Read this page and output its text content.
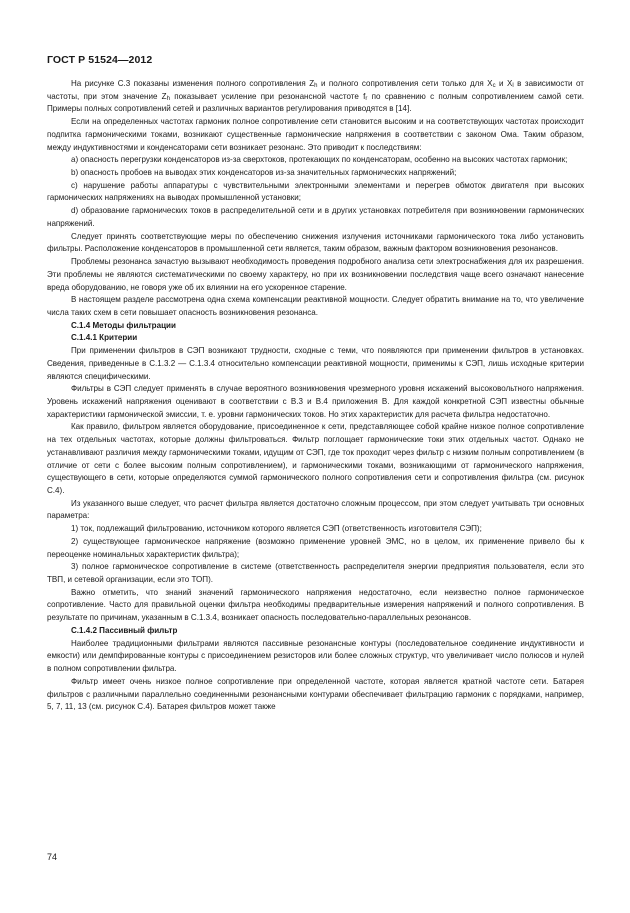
ГОСТ Р 51524—2012

На рисунке С.3 показаны изменения полного сопротивления $Z_h$ и полного сопротивления сети только для $X_c$ и $X_l$ в зависимости от частоты, при этом значение $Z_h$ показывает усиление при резонансной частоте $f_r$ по сравнению с полным сопротивлением самой сети. Примеры полных сопротивлений сетей и различных вариантов регулирования приводятся в [14].

Если на определенных частотах гармоник полное сопротивление сети становится высоким и на соответствующих частотах происходит подпитка гармоническими токами, возникают существенные гармонические напряжения в соответствии с законом Ома. Таким образом, между индуктивностями и конденсаторами сети возникает резонанс. Это приводит к последствиям:

а) опасность перегрузки конденсаторов из-за сверхтоков, протекающих по конденсаторам, особенно на высоких частотах гармоник;

b) опасность пробоев на выводах этих конденсаторов из-за значительных гармонических напряжений;

с) нарушение работы аппаратуры с чувствительными электронными элементами и перегрев обмоток двигателя при высоких гармонических напряжениях на выводах промышленной установки;

d) образование гармонических токов в распределительной сети и в других установках потребителя при возникновении гармонических напряжений.

Следует принять соответствующие меры по обеспечению снижения излучения источниками гармонического тока либо установить фильтры. Расположение конденсаторов в промышленной сети является, таким образом, важным фактором возникновения резонансов.

Проблемы резонанса зачастую вызывают необходимость проведения подробного анализа сети электроснабжения для их разрешения. Эти проблемы не являются систематическими по своему характеру, но при их возникновении последствия чаще всего означают нанесение вреда оборудованию, не говоря уже об их влиянии на его ускоренное старение.

В настоящем разделе рассмотрена одна схема компенсации реактивной мощности. Следует обратить внимание на то, что увеличение числа таких схем в сети повышает опасность возникновения резонанса.

С.1.4 Методы фильтрации

С.1.4.1 Критерии

При применении фильтров в СЭП возникают трудности, сходные с теми, что появляются при применении фильтров в установках. Сведения, приведенные в С.1.3.2 — С.1.3.4 относительно компенсации реактивной мощности, применимы к СЭП, лишь исходные критерии являются специфическими.

Фильтры в СЭП следует применять в случае вероятного возникновения чрезмерного уровня искажений высоковольтного напряжения. Уровень искажений напряжения оценивают в соответствии с В.3 и В.4 приложения В. Для каждой конкретной СЭП известны обычные характеристики гармонической эмиссии, т. е. уровни гармонических токов. Но этих характеристик для расчета фильтра недостаточно.

Как правило, фильтром является оборудование, присоединенное к сети, представляющее собой крайне низкое полное сопротивление на тех отдельных частотах, которые должны фильтроваться. Фильтр поглощает гармонические токи этих отдельных частот. Однако не устанавливают различия между гармоническими токами, идущим от СЭП, где ток проходит через фильтр с низким полным сопротивлением (в отличие от сети с более высоким полным сопротивлением), и гармоническими токами, возникающими от гармонического напряжения, существующего в сети, которые определяются суммой гармонического полного сопротивления сети и сопротивления фильтра (см. рисунок С.4).

Из указанного выше следует, что расчет фильтра является достаточно сложным процессом, при этом следует учитывать три основных параметра:

1) ток, подлежащий фильтрованию, источником которого является СЭП (ответственность изготовителя СЭП);

2) существующее гармоническое напряжение (возможно применение уровней ЭМС, но в целом, их применение привело бы к переоценке номинальных характеристик фильтра);

3) полное гармоническое сопротивление в системе (ответственность распределителя энергии предприятия пользователя, если это ТВП, и сетевой организации, если это ТОП).

Важно отметить, что знаний значений гармонического напряжения недостаточно, если неизвестно полное гармоническое сопротивление. Часто для правильной оценки фильтра необходимы предварительные измерения напряжений и полного сопротивления. В результате по причинам, указанным в С.1.3.4, возникает опасность последовательно-параллельных резонансов.

С.1.4.2 Пассивный фильтр

Наиболее традиционными фильтрами являются пассивные резонансные контуры (последовательное соединение индуктивности и емкости) или демпфированные контуры с присоединением резисторов или более сложных структур, что увеличивает число полюсов и нулей в полном сопротивлении фильтра.

Фильтр имеет очень низкое полное сопротивление при определенной частоте, которая является кратной частоте сети. Батарея фильтров с различными параллельно соединенными резонансными контурами обеспечивает фильтрацию гармоник с порядками, например, 5, 7, 11, 13 (см. рисунок С.4). Батарея фильтров может также

74
